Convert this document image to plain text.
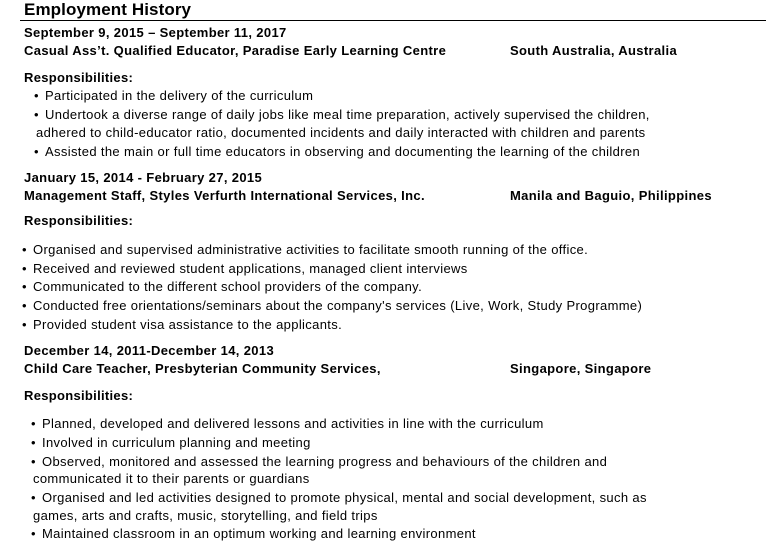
Employment History
September 9, 2015 – September 11, 2017
Casual Ass’t. Qualified Educator, Paradise Early Learning Centre	South Australia, Australia
Responsibilities:
• Participated in the delivery of the curriculum
• Undertook a diverse range of daily jobs like meal time preparation, actively supervised the children,
adhered to child-educator ratio, documented incidents and daily interacted with children and parents
• Assisted the main or full time educators in observing and documenting the learning of the children
January 15, 2014 - February 27, 2015
Management Staff, Styles Verfurth International Services, Inc.	Manila and Baguio, Philippines
Responsibilities:
• Organised and supervised administrative activities to facilitate smooth running of the office.
• Received and reviewed student applications, managed client interviews
• Communicated to the different school providers of the company.
• Conducted free orientations/seminars about the company's services (Live, Work, Study Programme)
• Provided student visa assistance to the applicants.
December 14, 2011-December 14, 2013
Child Care Teacher, Presbyterian Community Services,	Singapore, Singapore
Responsibilities:
• Planned, developed and delivered lessons and activities in line with the curriculum
• Involved in curriculum planning and meeting
• Observed, monitored and assessed the learning progress and behaviours of the children and
communicated it to their parents or guardians
• Organised and led activities designed to promote physical, mental and social development, such as
games, arts and crafts, music, storytelling, and field trips
• Maintained classroom in an optimum working and learning environment
